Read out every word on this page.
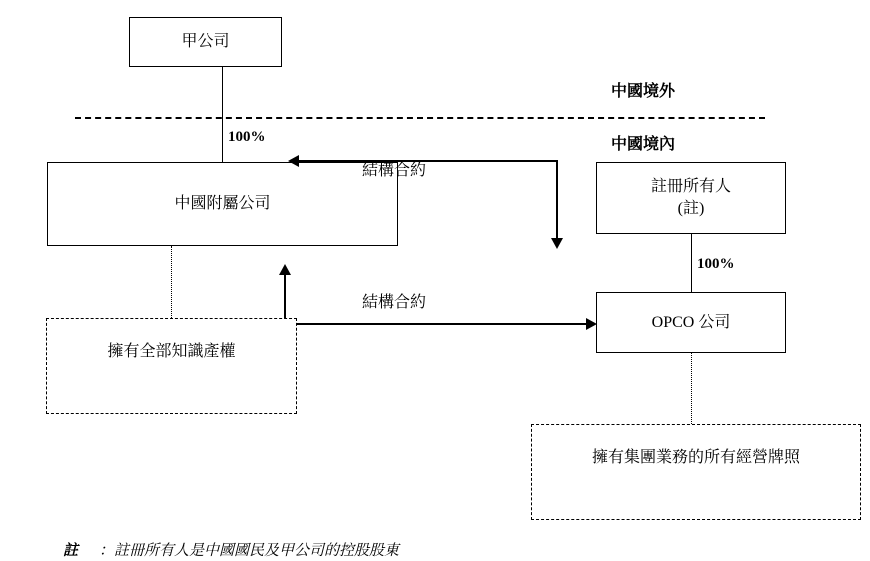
甲公司
100%
中國境外
中國境內
中國附屬公司
註冊所有人
(註)
100%
OPCO 公司
結構合約
結構合約
擁有全部知識產權
擁有集團業務的所有經營牌照
註 ：註冊所有人是中國國民及甲公司的控股股東
